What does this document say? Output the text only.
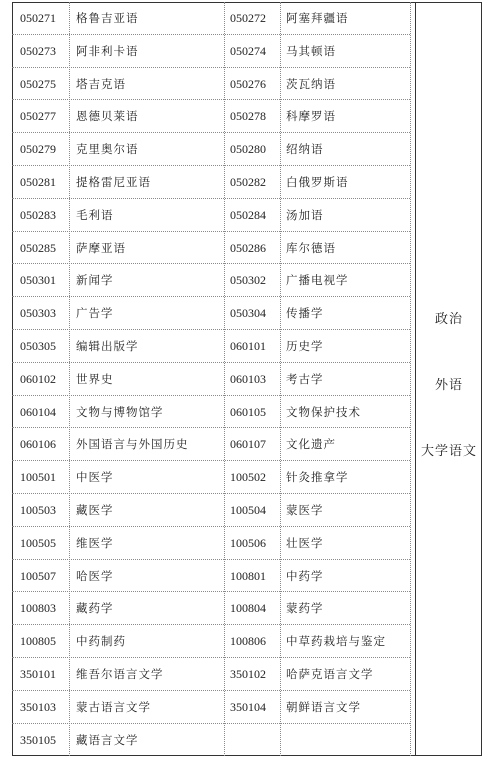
050271	格鲁吉亚语	050272	阿塞拜疆语
050273	阿非利卡语	050274	马其顿语
050275	塔吉克语	050276	茨瓦纳语
050277	恩德贝莱语	050278	科摩罗语
050279	克里奥尔语	050280	绍纳语
050281	提格雷尼亚语	050282	白俄罗斯语
050283	毛利语	050284	汤加语
050285	萨摩亚语	050286	库尔德语
050301	新闻学	050302	广播电视学
050303	广告学	050304	传播学
050305	编辑出版学	060101	历史学
060102	世界史	060103	考古学
060104	文物与博物馆学	060105	文物保护技术
060106	外国语言与外国历史	060107	文化遗产
100501	中医学	100502	针灸推拿学
100503	藏医学	100504	蒙医学
100505	维医学	100506	壮医学
100507	哈医学	100801	中药学
100803	藏药学	100804	蒙药学
100805	中药制药	100806	中草药栽培与鉴定
350101	维吾尔语言文学	350102	哈萨克语言文学
350103	蒙古语言文学	350104	朝鲜语言文学
350105	藏语言文学
政治
外语
大学语文
